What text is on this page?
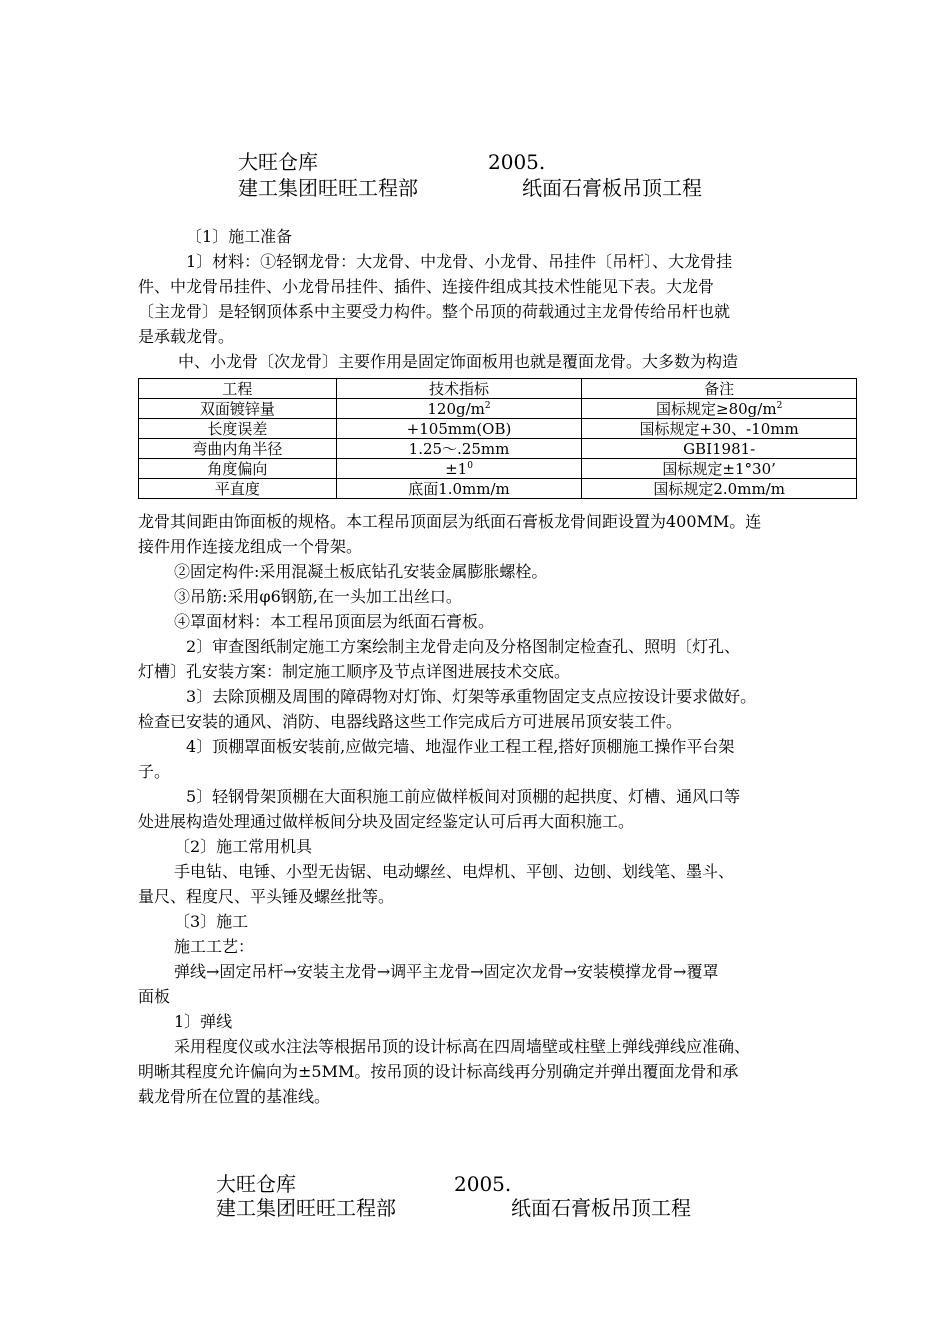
大旺仓库	2005.
建工集团旺旺工程部	纸面石膏板吊顶工程

〔1〕施工准备

1〕材料：①轻钢龙骨：大龙骨、中龙骨、小龙骨、吊挂件〔吊杆〕、大龙骨挂

件、中龙骨吊挂件、小龙骨吊挂件、插件、连接件组成其技术性能见下表。大龙骨

〔主龙骨〕是轻钢顶体系中主要受力构件。整个吊顶的荷载通过主龙骨传给吊杆也就

是承载龙骨。

中、小龙骨〔次龙骨〕主要作用是固定饰面板用也就是覆面龙骨。大多数为构造

工程	技术指标	备注
双面镀锌量	$120g/m^2$	国标规定$\ge 80g/m^2$
长度误差	+105mm(OB)	国标规定+30、-10mm
弯曲内角半径	1.25～.25mm	GBI1981-
角度偏向	$\pm 1^0$	国标规定±1°30’
平直度	底面1.0mm/m	国标规定2.0mm/m

龙骨其间距由饰面板的规格。本工程吊顶面层为纸面石膏板龙骨间距设置为400MM。连

接件用作连接龙组成一个骨架。

②固定构件:采用混凝土板底钻孔安装金属膨胀螺栓。

③吊筋:采用φ6钢筋,在一头加工出丝口。

④罩面材料：本工程吊顶面层为纸面石膏板。

2〕审查图纸制定施工方案绘制主龙骨走向及分格图制定检查孔、照明〔灯孔、

灯槽〕孔安装方案：制定施工顺序及节点详图进展技术交底。

3〕去除顶棚及周围的障碍物对灯饰、灯架等承重物固定支点应按设计要求做好。

检查已安装的通风、消防、电器线路这些工作完成后方可进展吊顶安装工件。

4〕顶棚罩面板安装前,应做完墙、地湿作业工程工程,搭好顶棚施工操作平台架

子。

5〕轻钢骨架顶棚在大面积施工前应做样板间对顶棚的起拱度、灯槽、通风口等

处进展构造处理通过做样板间分块及固定经鉴定认可后再大面积施工。

〔2〕施工常用机具

手电钻、电锤、小型无齿锯、电动螺丝、电焊机、平刨、边刨、划线笔、墨斗、

量尺、程度尺、平头锤及螺丝批等。

〔3〕施工

施工工艺：

弹线→固定吊杆→安装主龙骨→调平主龙骨→固定次龙骨→安装模撑龙骨→覆罩

面板

1〕弹线

采用程度仪或水注法等根据吊顶的设计标高在四周墙壁或柱壁上弹线弹线应准确、

明晰其程度允许偏向为±5MM。按吊顶的设计标高线再分别确定并弹出覆面龙骨和承

载龙骨所在位置的基准线。

大旺仓库	2005.
建工集团旺旺工程部	纸面石膏板吊顶工程
